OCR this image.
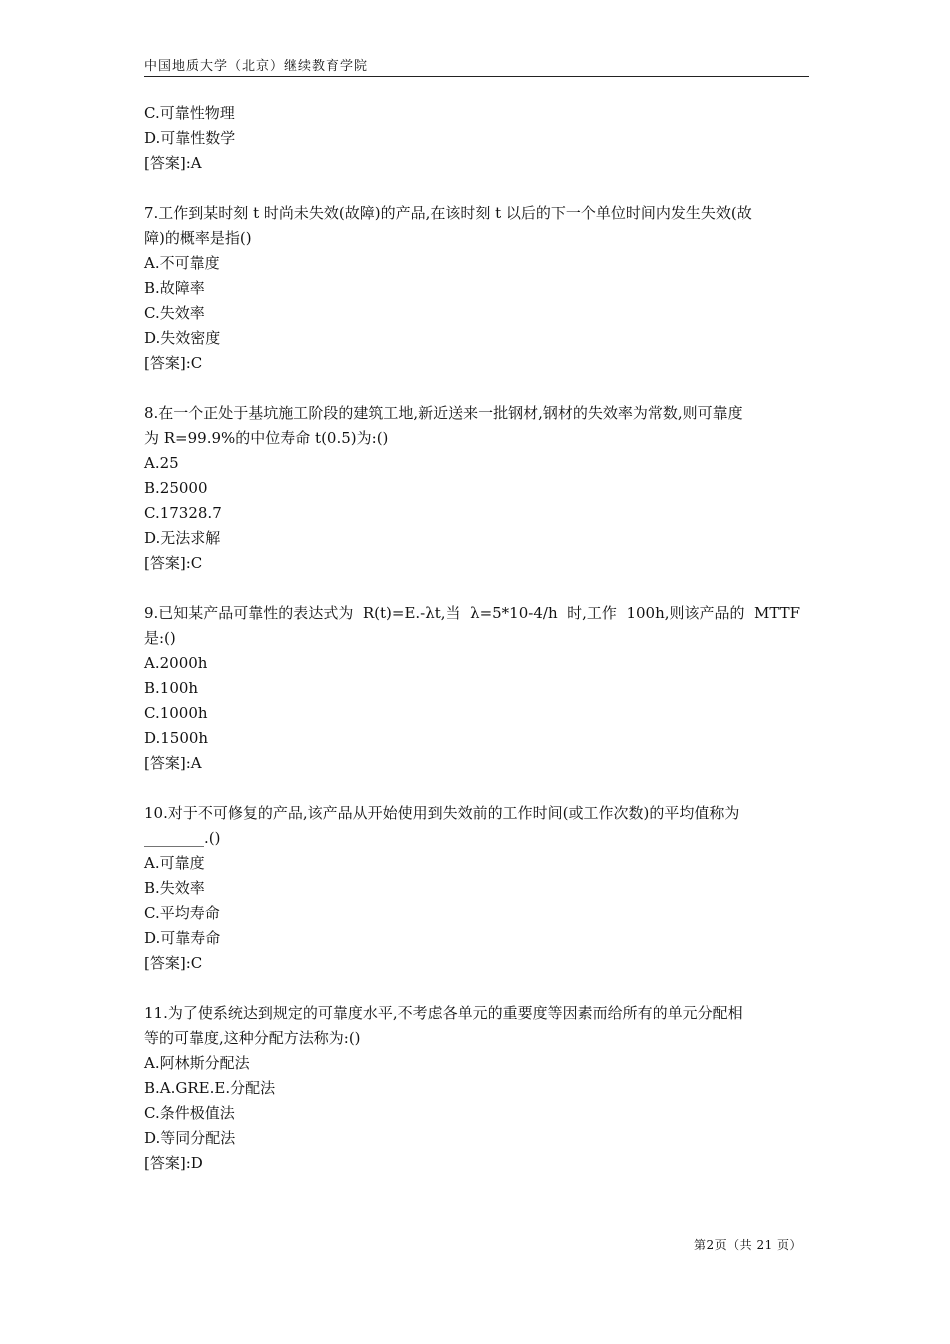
中国地质大学（北京）继续教育学院
C.可靠性物理
D.可靠性数学
[答案]:A
7.工作到某时刻 t 时尚未失效(故障)的产品,在该时刻 t 以后的下一个单位时间内发生失效(故
障)的概率是指()
A.不可靠度
B.故障率
C.失效率
D.失效密度
[答案]:C
8.在一个正处于基坑施工阶段的建筑工地,新近送来一批钢材,钢材的失效率为常数,则可靠度
为 R=99.9%的中位寿命 t(0.5)为:()
A.25
B.25000
C.17328.7
D.无法求解
[答案]:C
9.已知某产品可靠性的表达式为  R(t)=E.-λt,当  λ=5*10-4/h  时,工作  100h,则该产品的  MTTF
是:()
A.2000h
B.100h
C.1000h
D.1500h
[答案]:A
10.对于不可修复的产品,该产品从开始使用到失效前的工作时间(或工作次数)的平均值称为
________.()
A.可靠度
B.失效率
C.平均寿命
D.可靠寿命
[答案]:C
11.为了使系统达到规定的可靠度水平,不考虑各单元的重要度等因素而给所有的单元分配相
等的可靠度,这种分配方法称为:()
A.阿林斯分配法
B.A.GRE.E.分配法
C.条件极值法
D.等同分配法
[答案]:D
第2页（共 21 页）
